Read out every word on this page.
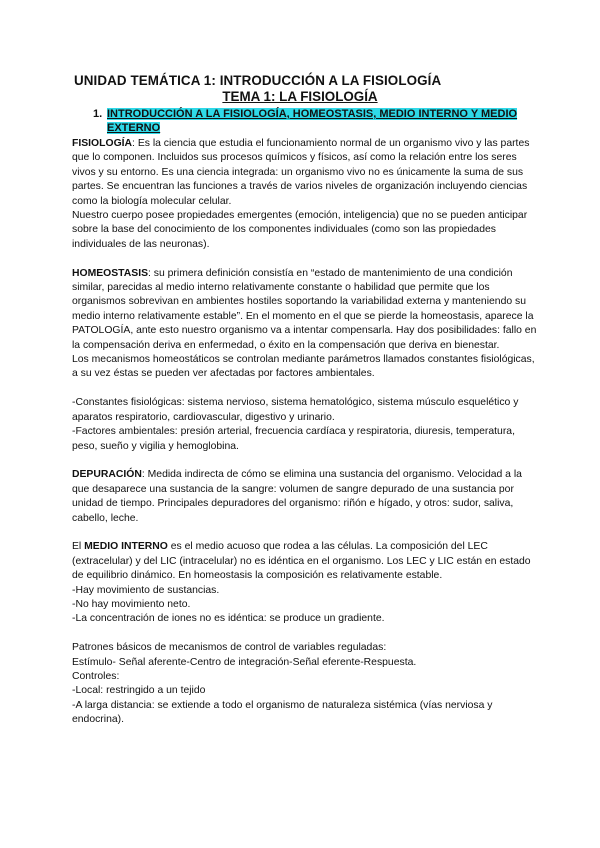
UNIDAD TEMÁTICA 1: INTRODUCCIÓN A LA FISIOLOGÍA
TEMA 1: LA FISIOLOGÍA
1. INTRODUCCIÓN A LA FISIOLOGÍA, HOMEOSTASIS, MEDIO INTERNO Y MEDIO
EXTERNO

FISIOLOGÍA: Es la ciencia que estudia el funcionamiento normal de un organismo vivo y las partes que lo componen. Incluidos sus procesos químicos y físicos, así como la relación entre los seres vivos y su entorno. Es una ciencia integrada: un organismo vivo no es únicamente la suma de sus partes. Se encuentran las funciones a través de varios niveles de organización incluyendo ciencias como la biología molecular celular.

Nuestro cuerpo posee propiedades emergentes (emoción, inteligencia) que no se pueden anticipar sobre la base del conocimiento de los componentes individuales (como son las propiedades individuales de las neuronas).

HOMEOSTASIS: su primera definición consistía en “estado de mantenimiento de una condición similar, parecidas al medio interno relativamente constante o habilidad que permite que los organismos sobrevivan en ambientes hostiles soportando la variabilidad externa y manteniendo su medio interno relativamente estable”. En el momento en el que se pierde la homeostasis, aparece la PATOLOGÍA, ante esto nuestro organismo va a intentar compensarla. Hay dos posibilidades: fallo en la compensación deriva en enfermedad, o éxito en la compensación que deriva en bienestar.

Los mecanismos homeostáticos se controlan mediante parámetros llamados constantes fisiológicas, a su vez éstas se pueden ver afectadas por factores ambientales.

-Constantes fisiológicas: sistema nervioso, sistema hematológico, sistema músculo esquelético y aparatos respiratorio, cardiovascular, digestivo y urinario.

-Factores ambientales: presión arterial, frecuencia cardíaca y respiratoria, diuresis, temperatura, peso, sueño y vigilia y hemoglobina.

DEPURACIÓN: Medida indirecta de cómo se elimina una sustancia del organismo. Velocidad a la que desaparece una sustancia de la sangre: volumen de sangre depurado de una sustancia por unidad de tiempo. Principales depuradores del organismo: riñón e hígado, y otros: sudor, saliva, cabello, leche.

El MEDIO INTERNO es el medio acuoso que rodea a las células. La composición del LEC (extracelular) y del LIC (intracelular) no es idéntica en el organismo. Los LEC y LIC están en estado de equilibrio dinámico. En homeostasis la composición es relativamente estable.

-Hay movimiento de sustancias.

-No hay movimiento neto.

-La concentración de iones no es idéntica: se produce un gradiente.

Patrones básicos de mecanismos de control de variables reguladas:

Estímulo- Señal aferente-Centro de integración-Señal eferente-Respuesta.

Controles:

-Local: restringido a un tejido

-A larga distancia: se extiende a todo el organismo de naturaleza sistémica (vías nerviosa y endocrina).
